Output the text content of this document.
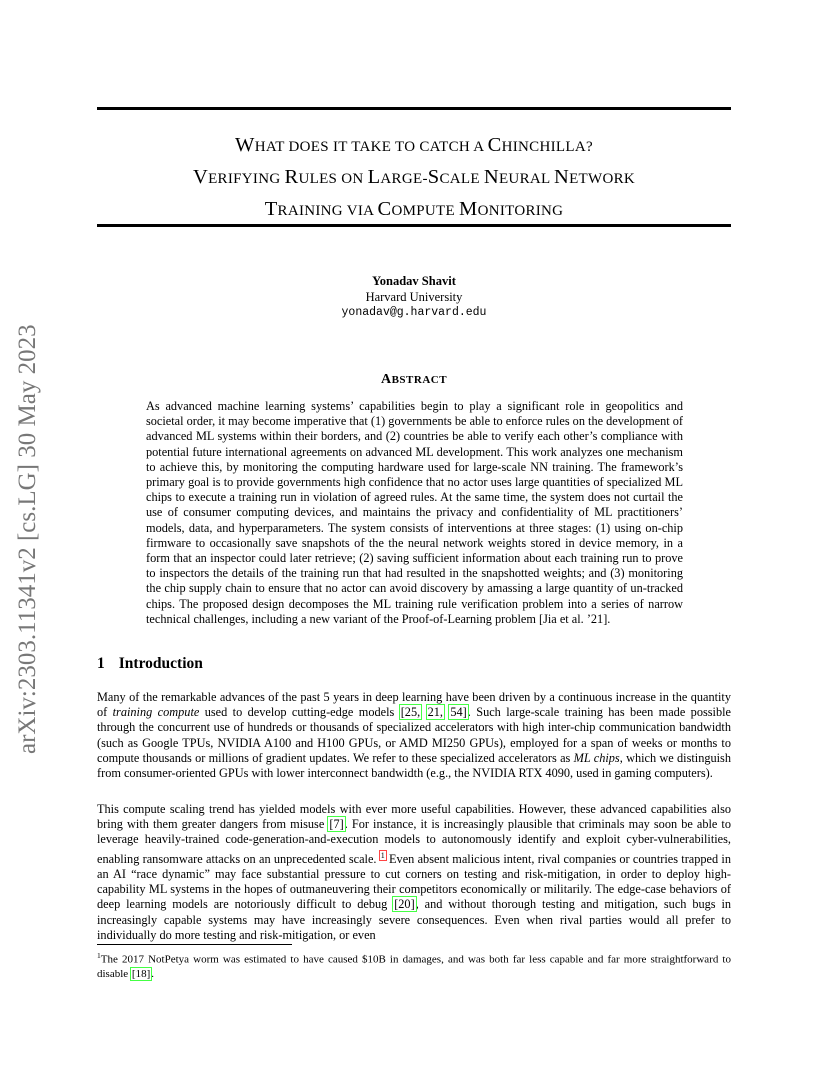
arXiv:2303.11341v2 [cs.LG] 30 May 2023
WHAT DOES IT TAKE TO CATCH A CHINCHILLA?
VERIFYING RULES ON LARGE-SCALE NEURAL NETWORK
TRAINING VIA COMPUTE MONITORING
Yonadav Shavit
Harvard University
yonadav@g.harvard.edu
ABSTRACT
As advanced machine learning systems’ capabilities begin to play a significant role in geopolitics and societal order, it may become imperative that (1) governments be able to enforce rules on the development of advanced ML systems within their borders, and (2) countries be able to verify each other’s compliance with potential future international agreements on advanced ML development. This work analyzes one mechanism to achieve this, by monitoring the computing hardware used for large-scale NN training. The framework’s primary goal is to provide governments high confidence that no actor uses large quantities of specialized ML chips to execute a training run in violation of agreed rules. At the same time, the system does not curtail the use of consumer computing devices, and maintains the privacy and confidentiality of ML practitioners’ models, data, and hyperparameters. The system consists of interventions at three stages: (1) using on-chip firmware to occasionally save snapshots of the the neural network weights stored in device memory, in a form that an inspector could later retrieve; (2) saving sufficient information about each training run to prove to inspectors the details of the training run that had resulted in the snapshotted weights; and (3) monitoring the chip supply chain to ensure that no actor can avoid discovery by amassing a large quantity of un-tracked chips. The proposed design decomposes the ML training rule verification problem into a series of narrow technical challenges, including a new variant of the Proof-of-Learning problem [Jia et al. ’21].
1 Introduction
Many of the remarkable advances of the past 5 years in deep learning have been driven by a continuous increase in the quantity of training compute used to develop cutting-edge models [25, 21, 54]. Such large-scale training has been made possible through the concurrent use of hundreds or thousands of specialized accelerators with high inter-chip communication bandwidth (such as Google TPUs, NVIDIA A100 and H100 GPUs, or AMD MI250 GPUs), employed for a span of weeks or months to compute thousands or millions of gradient updates. We refer to these specialized accelerators as ML chips, which we distinguish from consumer-oriented GPUs with lower interconnect bandwidth (e.g., the NVIDIA RTX 4090, used in gaming computers).
This compute scaling trend has yielded models with ever more useful capabilities. However, these advanced capabilities also bring with them greater dangers from misuse [7]. For instance, it is increasingly plausible that criminals may soon be able to leverage heavily-trained code-generation-and-execution models to autonomously identify and exploit cyber-vulnerabilities, enabling ransomware attacks on an unprecedented scale. $^1$ Even absent malicious intent, rival companies or countries trapped in an AI “race dynamic” may face substantial pressure to cut corners on testing and risk-mitigation, in order to deploy high-capability ML systems in the hopes of outmaneuvering their competitors economically or militarily. The edge-case behaviors of deep learning models are notoriously difficult to debug [20], and without thorough testing and mitigation, such bugs in increasingly capable systems may have increasingly severe consequences. Even when rival parties would all prefer to individually do more testing and risk-mitigation, or even
$^1$The 2017 NotPetya worm was estimated to have caused $10B in damages, and was both far less capable and far more straightforward to disable [18].
